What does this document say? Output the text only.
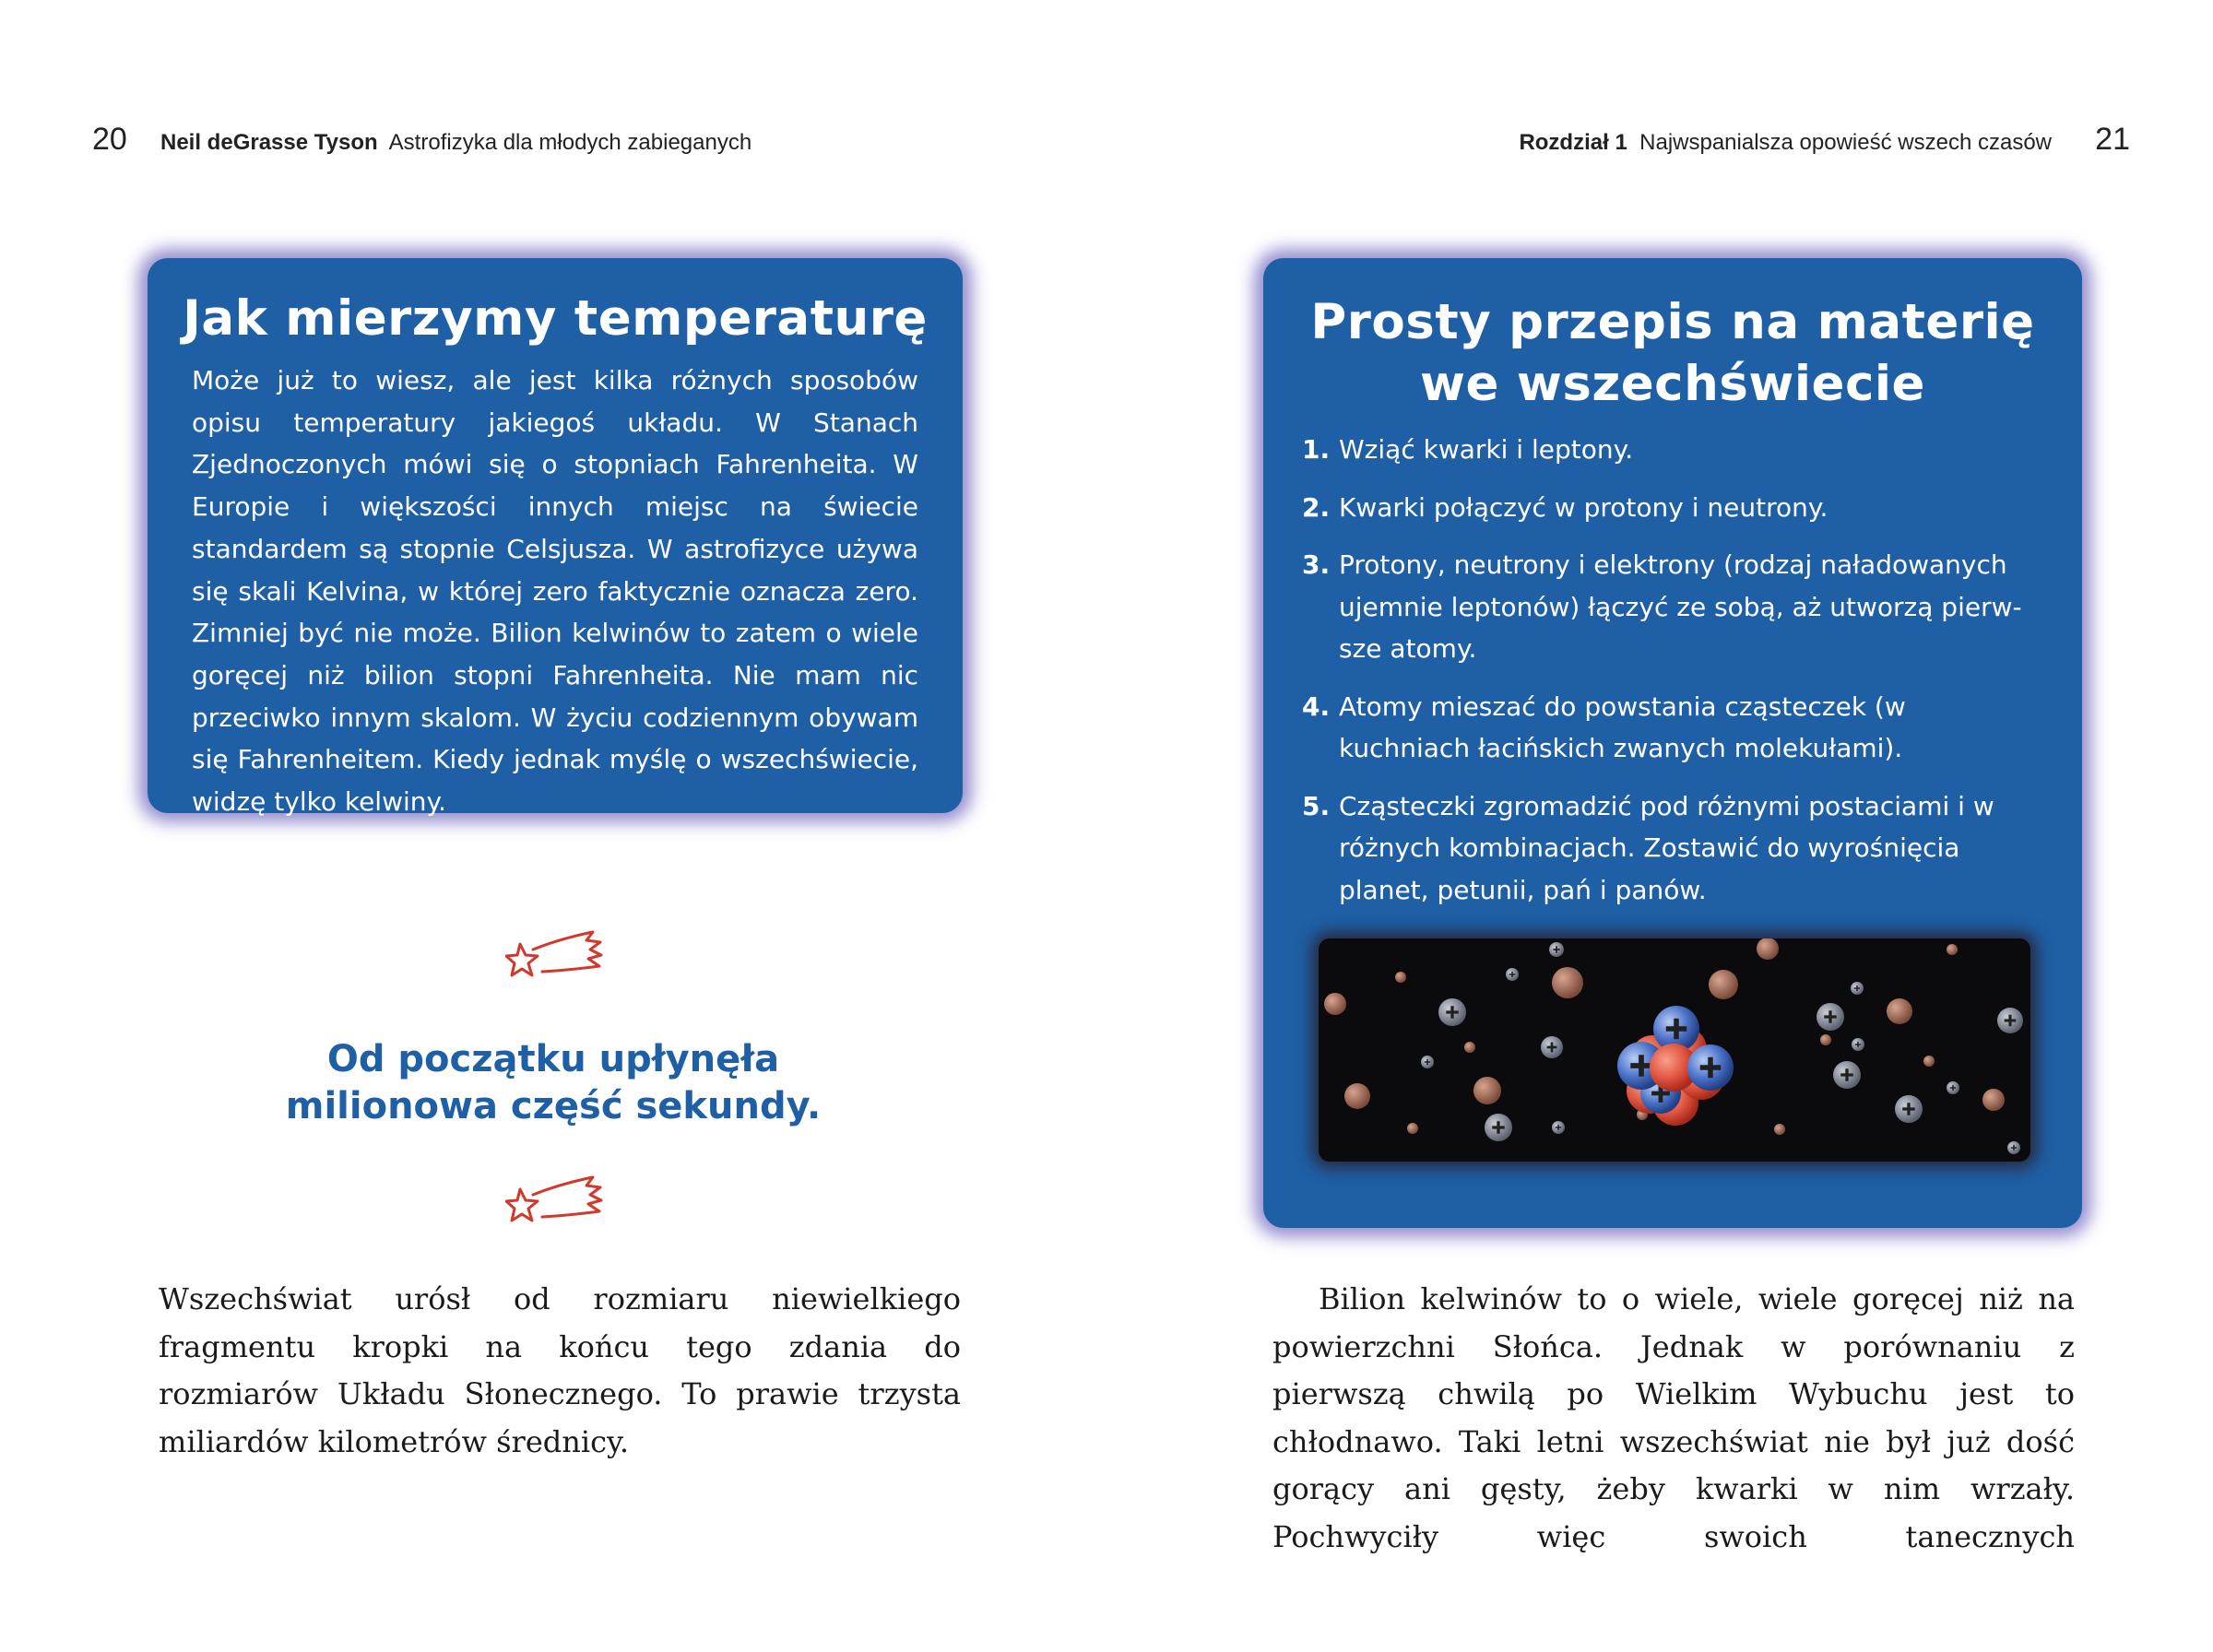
20 Neil deGrasse Tyson Astrofizyka dla młodych zabieganych
Jak mierzymy temperaturę

Może już to wiesz, ale jest kilka różnych sposobów opisu temperatury jakiegoś układu. W Stanach Zjednoczonych mówi się o stopniach Fahrenheita. W Europie i większości innych miejsc na świecie standardem są stopnie Celsjusza. W astrofizyce używa się skali Kelvina, w której zero faktycznie oznacza zero. Zimniej być nie może. Bilion kelwinów to zatem o wiele goręcej niż bilion stopni Fahrenheita. Nie mam nic przeciwko innym skalom. W życiu codziennym obywam się Fahrenheitem. Kiedy jednak myślę o wszechświecie, widzę tylko kelwiny.

Od początku upłynęła
milionowa część sekundy.

Wszechświat urósł od rozmiaru niewielkiego fragmentu kropki na końcu tego zdania do rozmiarów Układu Słonecznego. To prawie trzysta miliardów kilometrów średnicy.

Rozdział 1 Najwspanialsza opowieść wszech czasów 21
Prosty przepis na materię
we wszechświecie
1. Wziąć kwarki i leptony.
2. Kwarki połączyć w protony i neutrony.
3. Protony, neutrony i elektrony (rodzaj naładowanych ujemnie leptonów) łączyć ze sobą, aż utworzą pierwsze atomy.
4. Atomy mieszać do powstania cząsteczek (w kuchniach łacińskich zwanych molekułami).
5. Cząsteczki zgromadzić pod różnymi postaciami i w różnych kombinacjach. Zostawić do wyrośnięcia planet, petunii, pań i panów.

Bilion kelwinów to o wiele, wiele goręcej niż na powierzchni Słońca. Jednak w porównaniu z pierwszą chwilą po Wielkim Wybuchu jest to chłodnawo. Taki letni wszechświat nie był już dość gorący ani gęsty, żeby kwarki w nim wrzały. Pochwyciły więc swoich tanecznych
